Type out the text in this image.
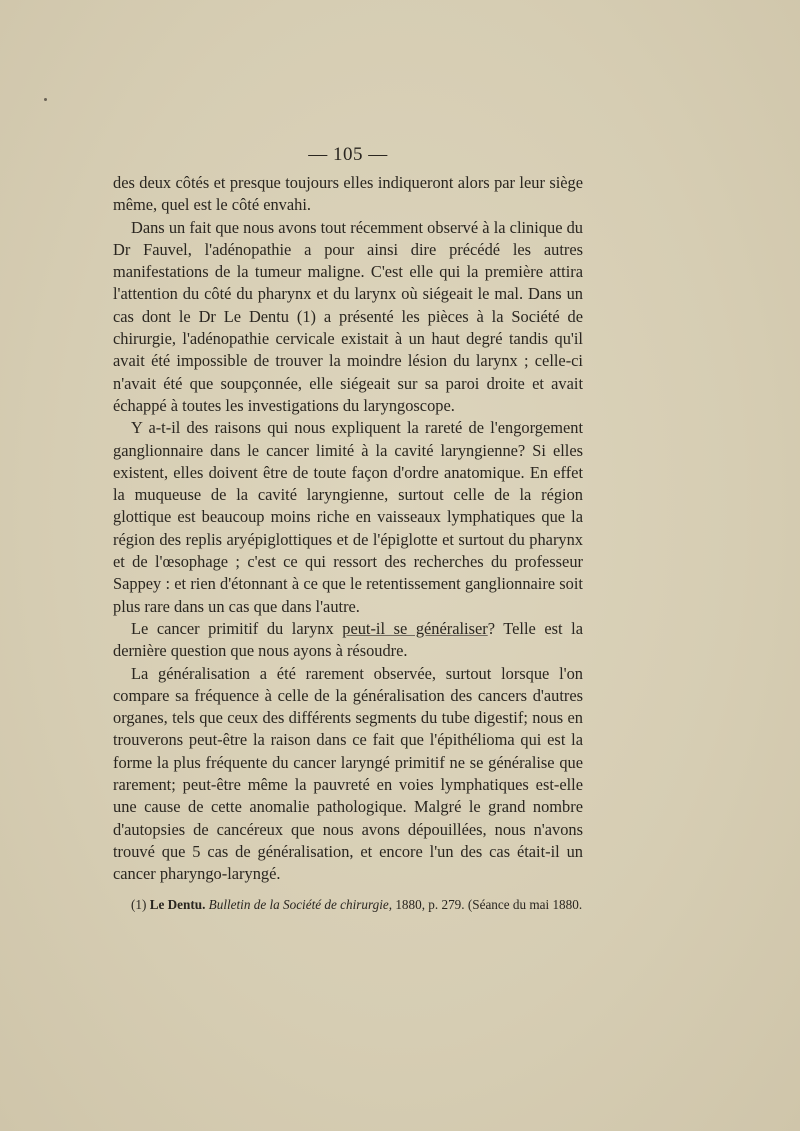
— 105 —

des deux côtés et presque toujours elles indiqueront alors par leur siège même, quel est le côté envahi.

Dans un fait que nous avons tout récemment observé à la clinique du Dr Fauvel, l'adénopathie a pour ainsi dire précédé les autres manifestations de la tumeur maligne. C'est elle qui la première attira l'attention du côté du pharynx et du larynx où siégeait le mal. Dans un cas dont le Dr Le Dentu (1) a présenté les pièces à la Société de chirurgie, l'adénopathie cervicale existait à un haut degré tandis qu'il avait été impossible de trouver la moindre lésion du larynx ; celle-ci n'avait été que soupçonnée, elle siégeait sur sa paroi droite et avait échappé à toutes les investigations du laryngoscope.

Y a-t-il des raisons qui nous expliquent la rareté de l'engorgement ganglionnaire dans le cancer limité à la cavité laryngienne? Si elles existent, elles doivent être de toute façon d'ordre anatomique. En effet la muqueuse de la cavité laryngienne, surtout celle de la région glottique est beaucoup moins riche en vaisseaux lymphatiques que la région des replis aryépiglottiques et de l'épiglotte et surtout du pharynx et de l'œsophage ; c'est ce qui ressort des recherches du professeur Sappey : et rien d'étonnant à ce que le retentissement ganglionnaire soit plus rare dans un cas que dans l'autre.

Le cancer primitif du larynx peut-il se généraliser? Telle est la dernière question que nous ayons à résoudre.

La généralisation a été rarement observée, surtout lorsque l'on compare sa fréquence à celle de la généralisation des cancers d'autres organes, tels que ceux des différents segments du tube digestif; nous en trouverons peut-être la raison dans ce fait que l'épithélioma qui est la forme la plus fréquente du cancer laryngé primitif ne se généralise que rarement; peut-être même la pauvreté en voies lymphatiques est-elle une cause de cette anomalie pathologique. Malgré le grand nombre d'autopsies de cancéreux que nous avons dépouillées, nous n'avons trouvé que 5 cas de généralisation, et encore l'un des cas était-il un cancer pharyngo-laryngé.

(1) Le Dentu. Bulletin de la Société de chirurgie, 1880, p. 279. (Séance du mai 1880.
